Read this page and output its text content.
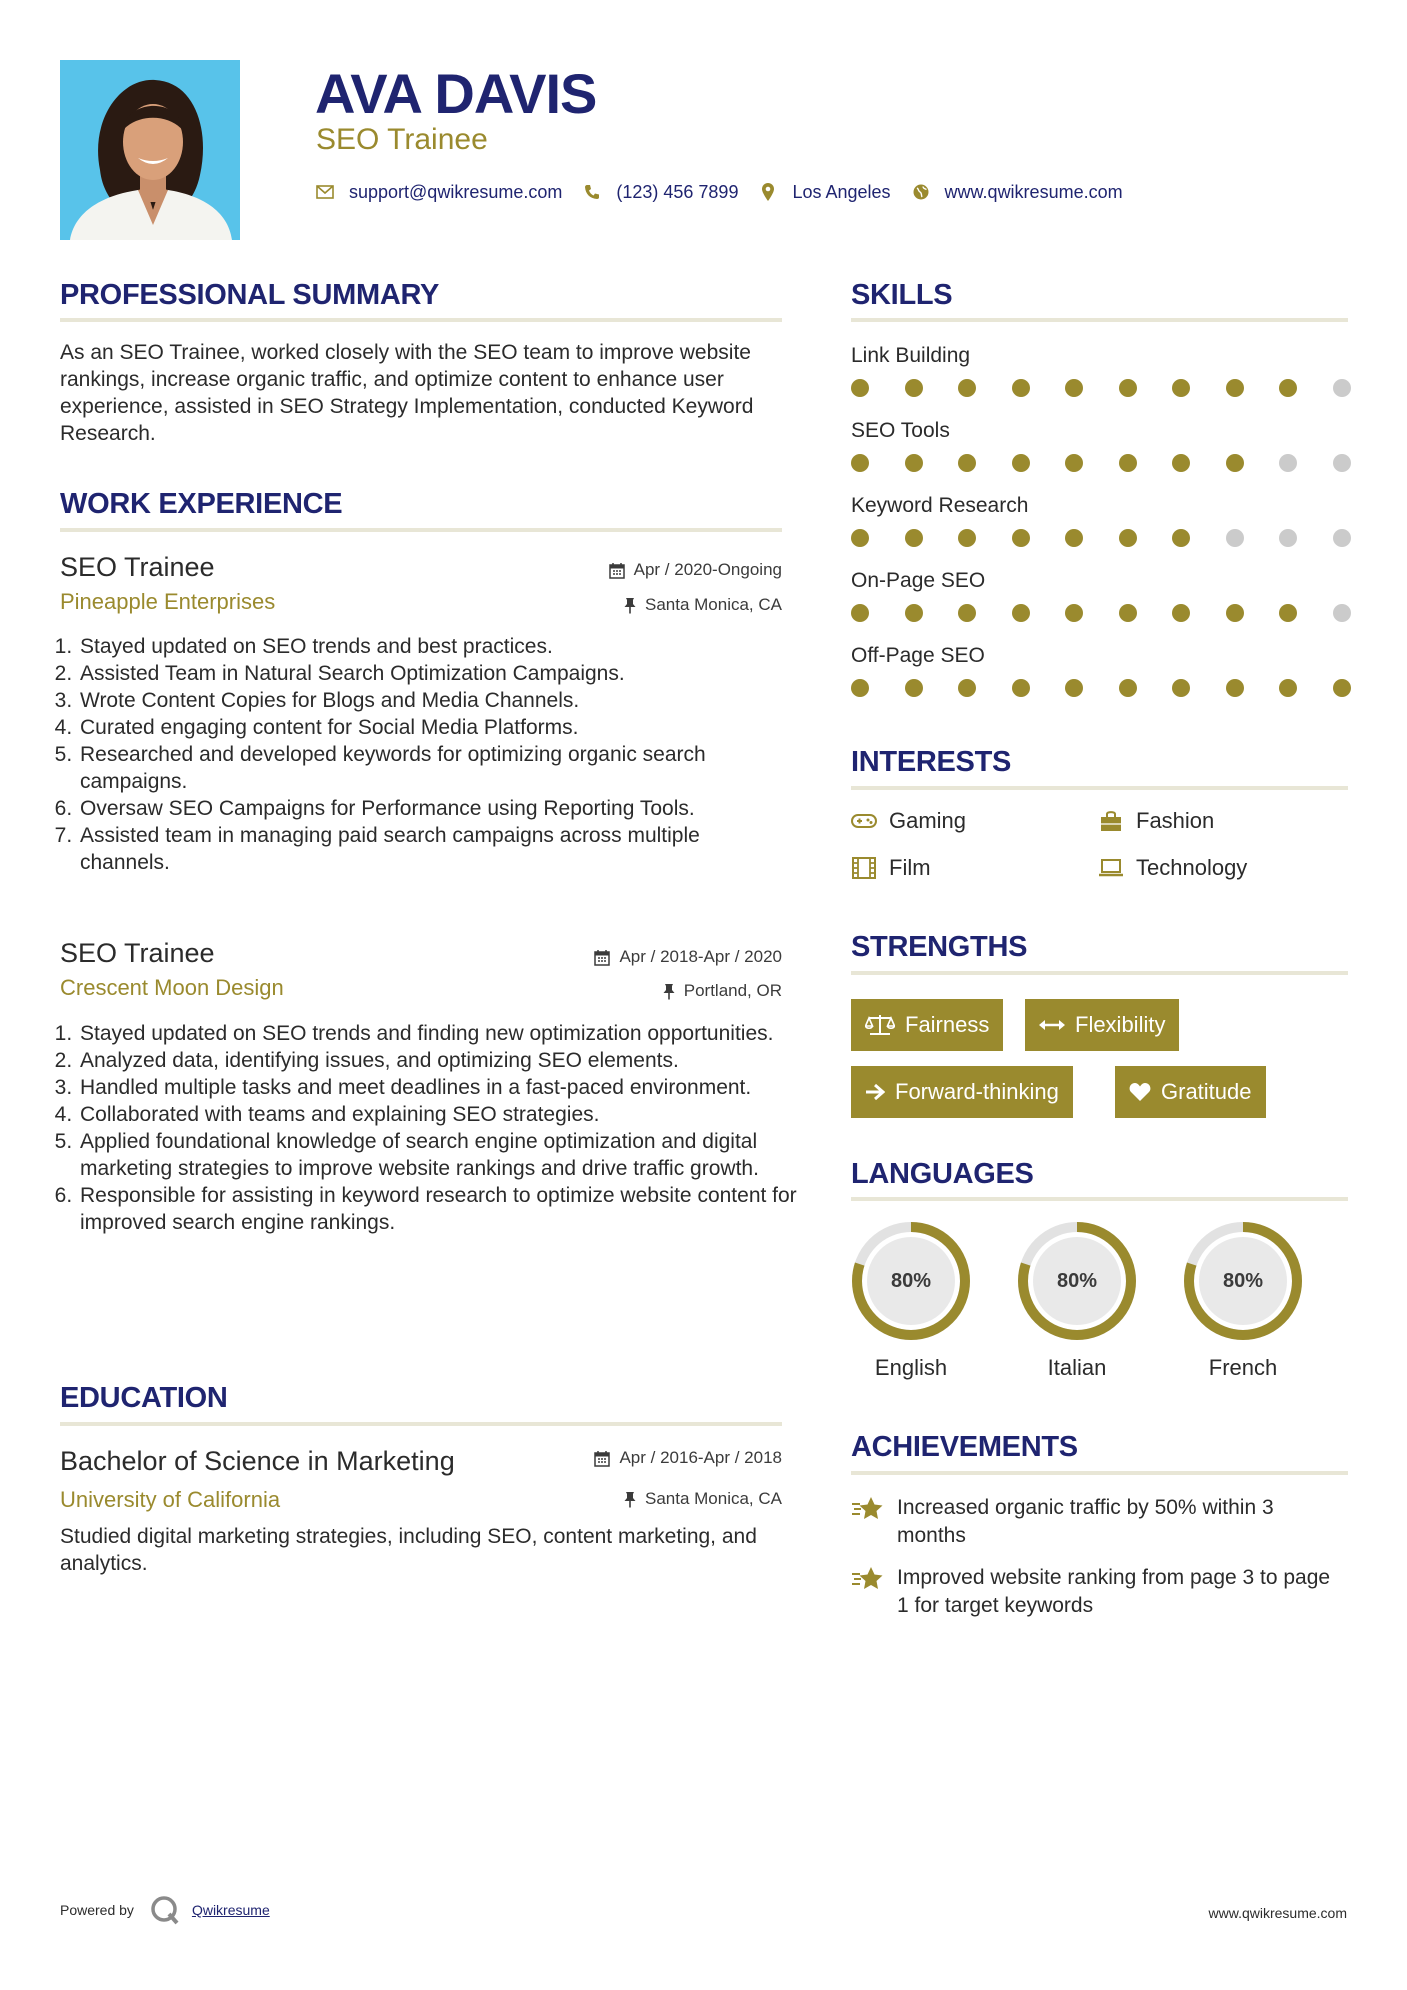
AVA DAVIS
SEO Trainee
support@qwikresume.com	(123) 456 7899	Los Angeles	www.qwikresume.com
PROFESSIONAL SUMMARY
As an SEO Trainee, worked closely with the SEO team to improve website rankings, increase organic traffic, and optimize content to enhance user experience, assisted in SEO Strategy Implementation, conducted Keyword Research.
WORK EXPERIENCE
SEO Trainee	Apr / 2020-Ongoing
Pineapple Enterprises	Santa Monica, CA
1. Stayed updated on SEO trends and best practices.
2. Assisted Team in Natural Search Optimization Campaigns.
3. Wrote Content Copies for Blogs and Media Channels.
4. Curated engaging content for Social Media Platforms.
5. Researched and developed keywords for optimizing organic search campaigns.
6. Oversaw SEO Campaigns for Performance using Reporting Tools.
7. Assisted team in managing paid search campaigns across multiple channels.
SEO Trainee	Apr / 2018-Apr / 2020
Crescent Moon Design	Portland, OR
1. Stayed updated on SEO trends and finding new optimization opportunities.
2. Analyzed data, identifying issues, and optimizing SEO elements.
3. Handled multiple tasks and meet deadlines in a fast-paced environment.
4. Collaborated with teams and explaining SEO strategies.
5. Applied foundational knowledge of search engine optimization and digital marketing strategies to improve website rankings and drive traffic growth.
6. Responsible for assisting in keyword research to optimize website content for improved search engine rankings.
EDUCATION
Bachelor of Science in Marketing	Apr / 2016-Apr / 2018
University of California	Santa Monica, CA
Studied digital marketing strategies, including SEO, content marketing, and analytics.
SKILLS
Link Building
SEO Tools
Keyword Research
On-Page SEO
Off-Page SEO
INTERESTS
Gaming	Fashion
Film	Technology
STRENGTHS
Fairness	Flexibility
Forward-thinking	Gratitude
LANGUAGES
80%
English
80%
Italian
80%
French
ACHIEVEMENTS
Increased organic traffic by 50% within 3 months
Improved website ranking from page 3 to page 1 for target keywords
Powered by	Qwikresume	www.qwikresume.com
